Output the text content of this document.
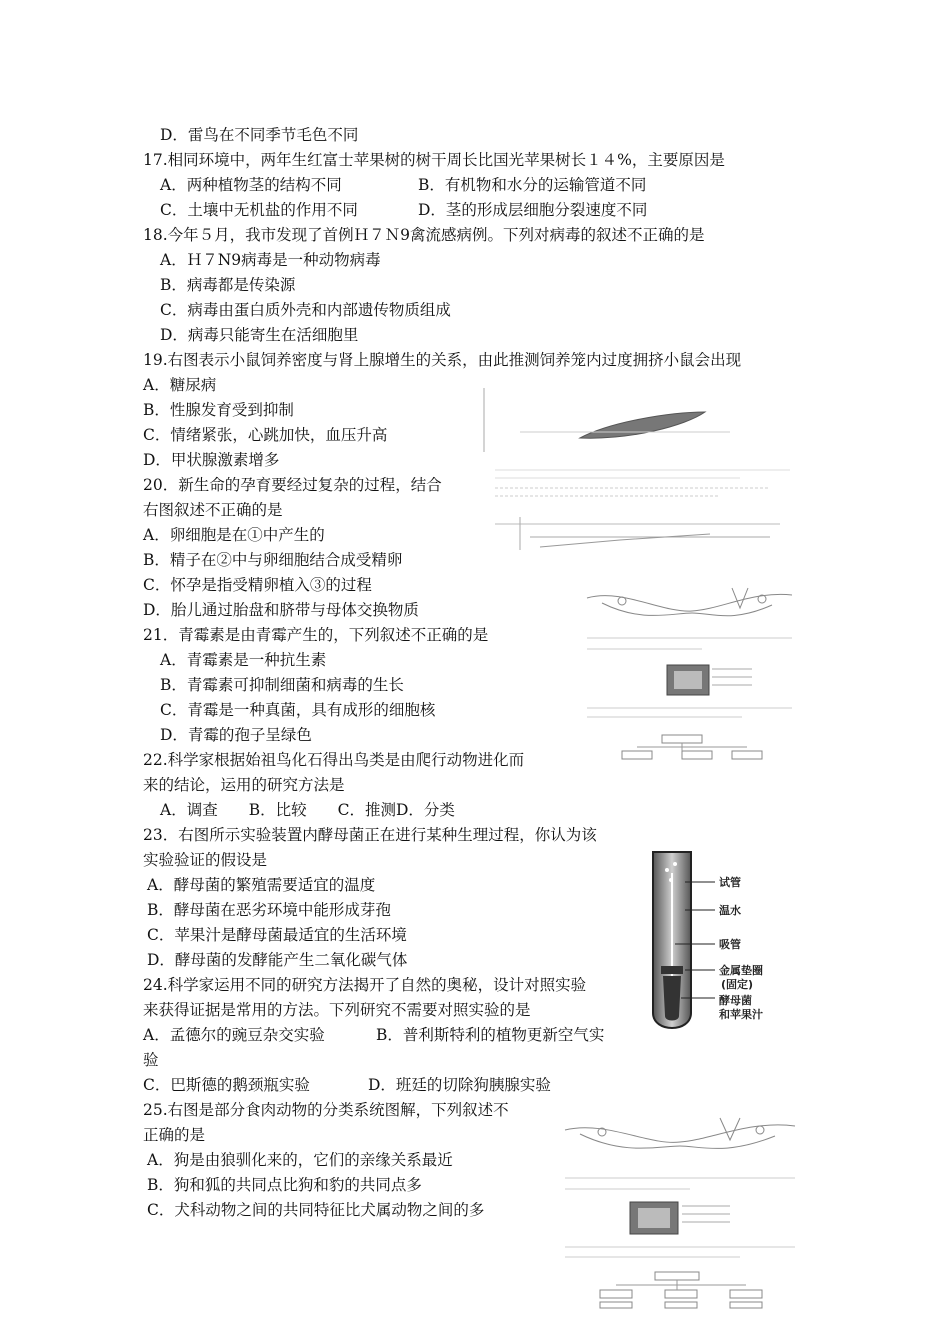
D．雷鸟在不同季节毛色不同
17.相同环境中，两年生红富士苹果树的树干周长比国光苹果树长１４%，主要原因是
A．两种植物茎的结构不同	B．有机物和水分的运输管道不同
C．土壤中无机盐的作用不同	D．茎的形成层细胞分裂速度不同
18.今年５月，我市发现了首例Ｈ７Ｎ9禽流感病例。下列对病毒的叙述不正确的是
A．Ｈ７N9病毒是一种动物病毒
B．病毒都是传染源
C．病毒由蛋白质外壳和内部遗传物质组成
D．病毒只能寄生在活细胞里
19.右图表示小鼠饲养密度与肾上腺增生的关系，由此推测饲养笼内过度拥挤小鼠会出现
A．糖尿病
B．性腺发育受到抑制
C．情绪紧张，心跳加快，血压升高
D．甲状腺激素增多
20．新生命的孕育要经过复杂的过程，结合
右图叙述不正确的是
A．卵细胞是在①中产生的
B．精子在②中与卵细胞结合成受精卵
C．怀孕是指受精卵植入③的过程
D．胎儿通过胎盘和脐带与母体交换物质
21．青霉素是由青霉产生的，下列叙述不正确的是
A．青霉素是一种抗生素
B．青霉素可抑制细菌和病毒的生长
C．青霉是一种真菌，具有成形的细胞核
D．青霉的孢子呈绿色
22.科学家根据始祖鸟化石得出鸟类是由爬行动物进化而
来的结论，运用的研究方法是
A．调查　　B．比较　　C．推测D．分类
23．右图所示实验装置内酵母菌正在进行某种生理过程，你认为该
实验验证的假设是
A．酵母菌的繁殖需要适宜的温度
B．酵母菌在恶劣环境中能形成芽孢
C．苹果汁是酵母菌最适宜的生活环境
D．酵母菌的发酵能产生二氧化碳气体
24.科学家运用不同的研究方法揭开了自然的奥秘，设计对照实验
来获得证据是常用的方法。下列研究不需要对照实验的是
A．孟德尔的豌豆杂交实验	B．普利斯特利的植物更新空气实
验
C．巴斯德的鹅颈瓶实验	D．班廷的切除狗胰腺实验
25.右图是部分食肉动物的分类系统图解，下列叙述不
正确的是
A．狗是由狼驯化来的，它们的亲缘关系最近
B．狗和狐的共同点比狗和豹的共同点多
C．犬科动物之间的共同特征比犬属动物之间的多
试管
温水
吸管
金属垫圈
(固定)
酵母菌
和苹果汁
